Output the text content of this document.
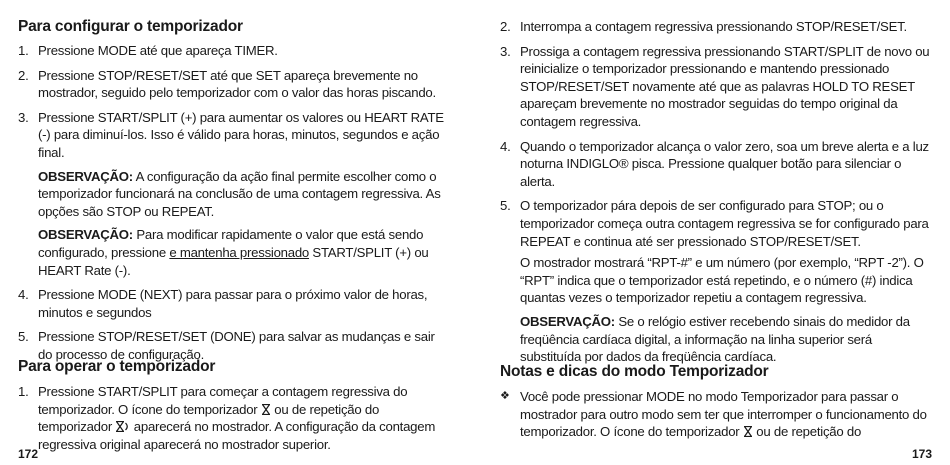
Para configurar o temporizador
1. Pressione MODE até que apareça TIMER.
2. Pressione STOP/RESET/SET até que SET apareça brevemente no mostrador, seguido pelo temporizador com o valor das horas piscando.
3. Pressione START/SPLIT (+) para aumentar os valores ou HEART RATE (-) para diminuí-los. Isso é válido para horas, minutos, segundos e ação final.
OBSERVAÇÃO: A configuração da ação final permite escolher como o temporizador funcionará na conclusão de uma contagem regressiva. As opções são STOP ou REPEAT.
OBSERVAÇÃO: Para modificar rapidamente o valor que está sendo configurado, pressione e mantenha pressionado START/SPLIT (+) ou HEART Rate (-).
4. Pressione MODE (NEXT) para passar para o próximo valor de horas, minutos e segundos
5. Pressione STOP/RESET/SET (DONE) para salvar as mudanças e sair do processo de configuração.
Para operar o temporizador
1. Pressione START/SPLIT para começar a contagem regressiva do temporizador. O ícone do temporizador
ou de repetição do temporizador
aparecerá no mostrador. A configuração da contagem regressiva original aparecerá no mostrador superior.
172
2. Interrompa a contagem regressiva pressionando STOP/RESET/SET.
3. Prossiga a contagem regressiva pressionando START/SPLIT de novo ou reinicialize o temporizador pressionando e mantendo pressionado STOP/RESET/SET novamente até que as palavras HOLD TO RESET apareçam brevemente no mostrador seguidas do tempo original da contagem regressiva.
4. Quando o temporizador alcança o valor zero, soa um breve alerta e a luz noturna INDIGLO® pisca. Pressione qualquer botão para silenciar o alerta.
5. O temporizador pára depois de ser configurado para STOP; ou o temporizador começa outra contagem regressiva se for configurado para REPEAT e continua até ser pressionado STOP/RESET/SET.
O mostrador mostrará “RPT-#” e um número (por exemplo, “RPT -2”). O “RPT” indica que o temporizador está repetindo, e o número (#) indica quantas vezes o temporizador repetiu a contagem regressiva.
OBSERVAÇÃO: Se o relógio estiver recebendo sinais do medidor da freqüência cardíaca digital, a informação na linha superior será substituída por dados da freqüência cardíaca.
Notas e dicas do modo Temporizador
❖ Você pode pressionar MODE no modo Temporizador para passar o mostrador para outro modo sem ter que interromper o funcionamento do temporizador. O ícone do temporizador
ou de repetição do
173
